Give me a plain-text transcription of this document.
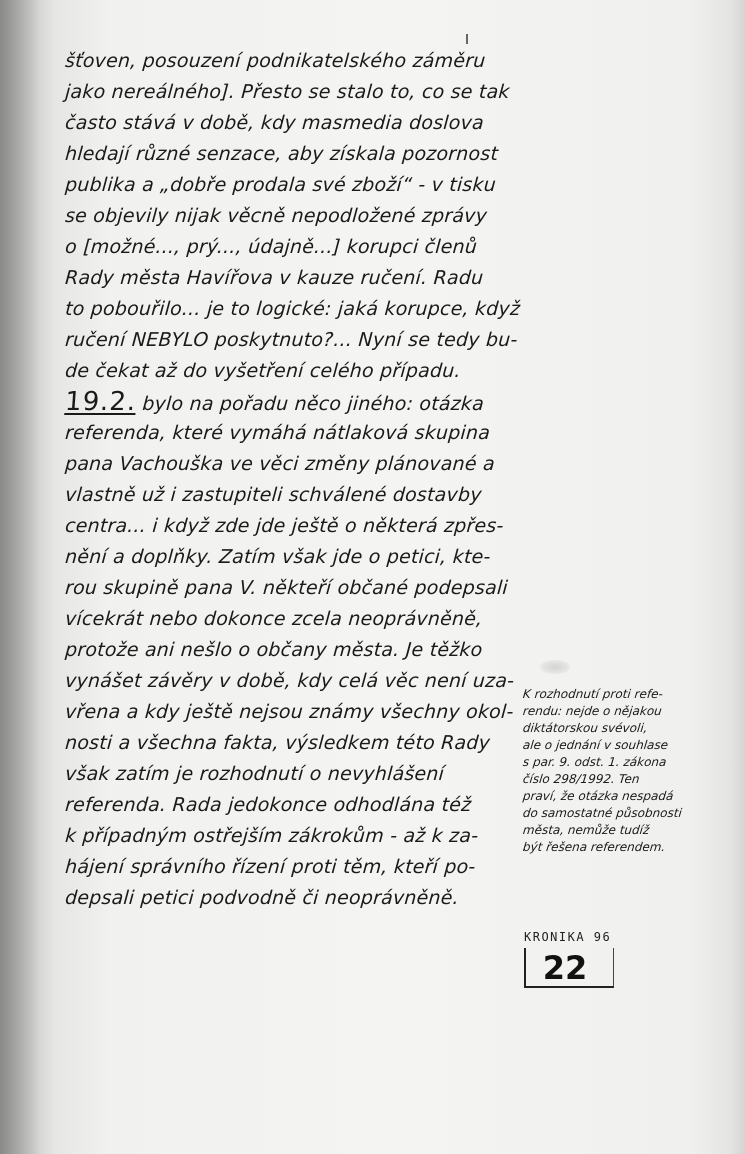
šťoven, posouzení podnikatelského záměru
jako nereálného]. Přesto se stalo to, co se tak
často stává v době, kdy masmedia doslova
hledají různé senzace, aby získala pozornost
publika a „dobře prodala své zboží“ - v tisku
se objevily nijak věcně nepodložené zprávy
o [možné..., prý..., údajně...] korupci členů
Rady města Havířova v kauze ručení. Radu
to pobouřilo... je to logické: jaká korupce, když
ručení NEBYLO poskytnuto?... Nyní se tedy bu-
de čekat až do vyšetření celého případu.
19.2. bylo na pořadu něco jiného: otázka
referenda, které vymáhá nátlaková skupina
pana Vachouška ve věci změny plánované a
vlastně už i zastupiteli schválené dostavby
centra... i když zde jde ještě o některá zpřes-
nění a doplňky. Zatím však jde o petici, kte-
rou skupině pana V. někteří občané podepsali
vícekrát nebo dokonce zcela neoprávněně,
protože ani nešlo o občany města. Je těžko
vynášet závěry v době, kdy celá věc není uza-
vřena a kdy ještě nejsou známy všechny okol-
nosti a všechna fakta, výsledkem této Rady
však zatím je rozhodnutí o nevyhlášení
referenda. Rada jedokonce odhodlána též
k případným ostřejším zákrokům - až k za-
hájení správního řízení proti těm, kteří po-
depsali petici podvodně či neoprávněně.
K rozhodnutí proti refe-
rendu: nejde o nějakou
diktátorskou svévoli,
ale o jednání v souhlase
s par. 9. odst. 1. zákona
číslo 298/1992. Ten
praví, že otázka nespadá
do samostatné působnosti
města, nemůže tudíž
být řešena referendem.
KRONIKA 96
22
